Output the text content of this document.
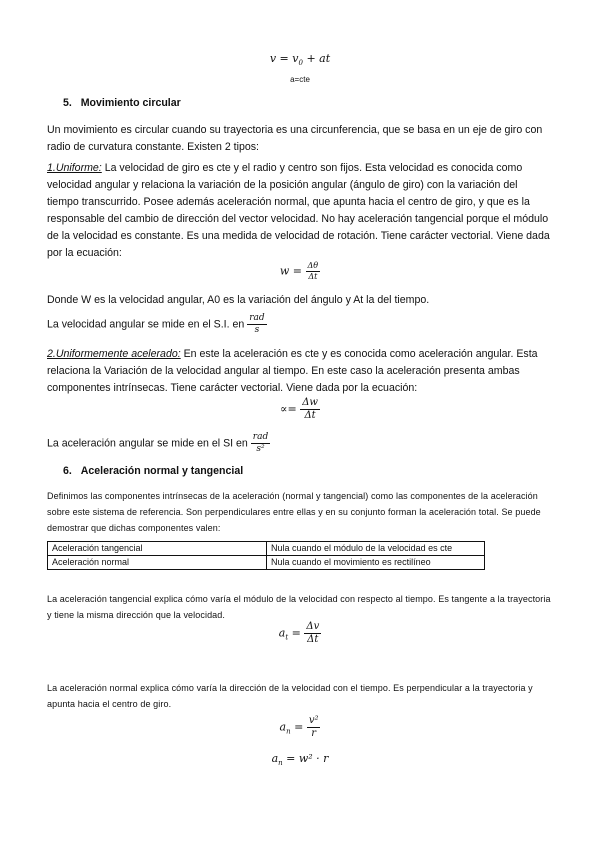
$v = v_0$ + at
a=cte
5. Movimiento circular
Un movimiento es circular cuando su trayectoria es una circunferencia, que se basa en un eje de giro con radio de curvatura constante. Existen 2 tipos:
1.Uniforme: La velocidad de giro es cte y el radio y centro son fijos. Esta velocidad es conocida como velocidad angular y relaciona la variación de la posición angular (ángulo de giro) con la variación del tiempo transcurrido. Posee además aceleración normal, que apunta hacia el centro de giro, y que es la responsable del cambio de dirección del vector velocidad. No hay aceleración tangencial porque el módulo de la velocidad es constante. Es una medida de velocidad de rotación. Tiene carácter vectorial. Viene dada por la ecuación:
$w = \frac{\Delta\theta}{\Delta t}$
Donde W es la velocidad angular, A0 es la variación del ángulo y At la del tiempo.
La velocidad angular se mide en el S.I. en $\frac{\text{rad}}{s}$
2.Uniformemente acelerado: En este la aceleración es cte y es conocida como aceleración angular. Esta relaciona la Variación de la velocidad angular al tiempo. En este caso la aceleración presenta ambas componentes intrínsecas. Tiene carácter vectorial. Viene dada por la ecuación:
∝= $\frac{\Delta w}{\Delta t}$
La aceleración angular se mide en el SI en $\frac{\text{rad}}{\text{s²}}$
6. Aceleración normal y tangencial
Definimos las componentes intrínsecas de la aceleración (normal y tangencial) como las componentes de la aceleración sobre este sistema de referencia. Son perpendiculares entre ellas y en su conjunto forman la aceleración total. Se puede demostrar que dichas componentes valen:
Aceleración tangencial	Nula cuando el módulo de la velocidad es cte
Aceleración normal	Nula cuando el movimiento es rectilíneo
La aceleración tangencial explica cómo varía el módulo de la velocidad con respecto al tiempo. Es tangente a la trayectoria y tiene la misma dirección que la velocidad.
$a_t = \frac{\Delta v}{\Delta t}$
La aceleración normal explica cómo varía la dirección de la velocidad con el tiempo. Es perpendicular a la trayectoria y apunta hacia el centro de giro.
$a_n = \frac{\text{v²}}{r}$
$a_n = w^2 \cdot r$
